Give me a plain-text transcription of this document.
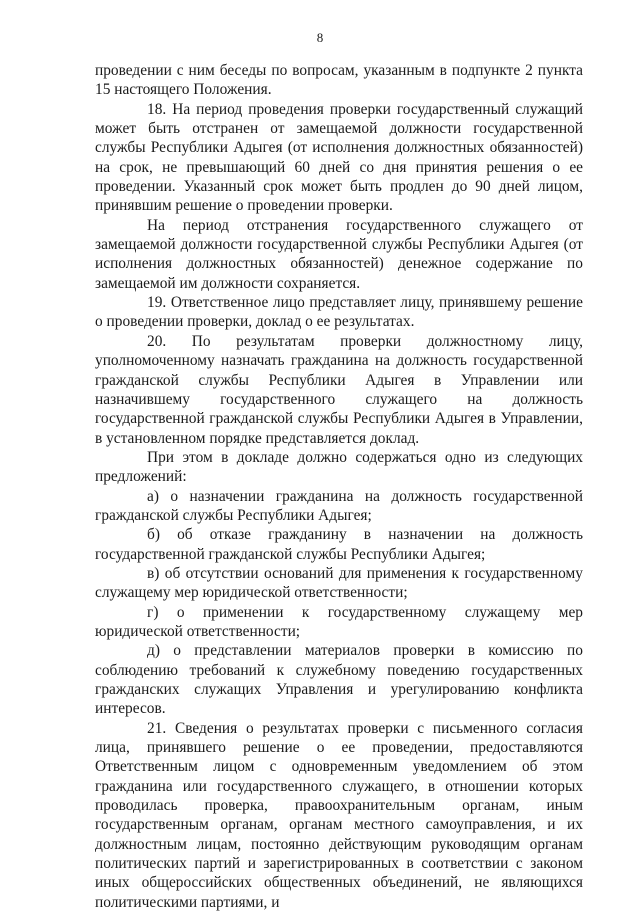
8

проведении с ним беседы по вопросам, указанным в подпункте 2 пункта 15 настоящего Положения.

18. На период проведения проверки государственный служащий может быть отстранен от замещаемой должности государственной службы Республики Адыгея (от исполнения должностных обязанностей) на срок, не превышающий 60 дней со дня принятия решения о ее проведении. Указанный срок может быть продлен до 90 дней лицом, принявшим решение о проведении проверки.

На период отстранения государственного служащего от замещаемой должности государственной службы Республики Адыгея (от исполнения должностных обязанностей) денежное содержание по замещаемой им должности сохраняется.

19. Ответственное лицо представляет лицу, принявшему решение о проведении проверки, доклад о ее результатах.

20. По результатам проверки должностному лицу, уполномоченному назначать гражданина на должность государственной гражданской службы Республики Адыгея в Управлении или назначившему государственного служащего на должность государственной гражданской службы Республики Адыгея в Управлении, в установленном порядке представляется доклад.

При этом в докладе должно содержаться одно из следующих предложений:

а) о назначении гражданина на должность государственной гражданской службы Республики Адыгея;

б) об отказе гражданину в назначении на должность государственной гражданской службы Республики Адыгея;

в) об отсутствии оснований для применения к государственному служащему мер юридической ответственности;

г) о применении к государственному служащему мер юридической ответственности;

д) о представлении материалов проверки в комиссию по соблюдению требований к служебному поведению государственных гражданских служащих Управления и урегулированию конфликта интересов.

21. Сведения о результатах проверки с письменного согласия лица, принявшего решение о ее проведении, предоставляются Ответственным лицом с одновременным уведомлением об этом гражданина или государственного служащего, в отношении которых проводилась проверка, правоохранительным органам, иным государственным органам, органам местного самоуправления, и их должностным лицам, постоянно действующим руководящим органам политических партий и зарегистрированных в соответствии с законом иных общероссийских общественных объединений, не являющихся политическими партиями, и
